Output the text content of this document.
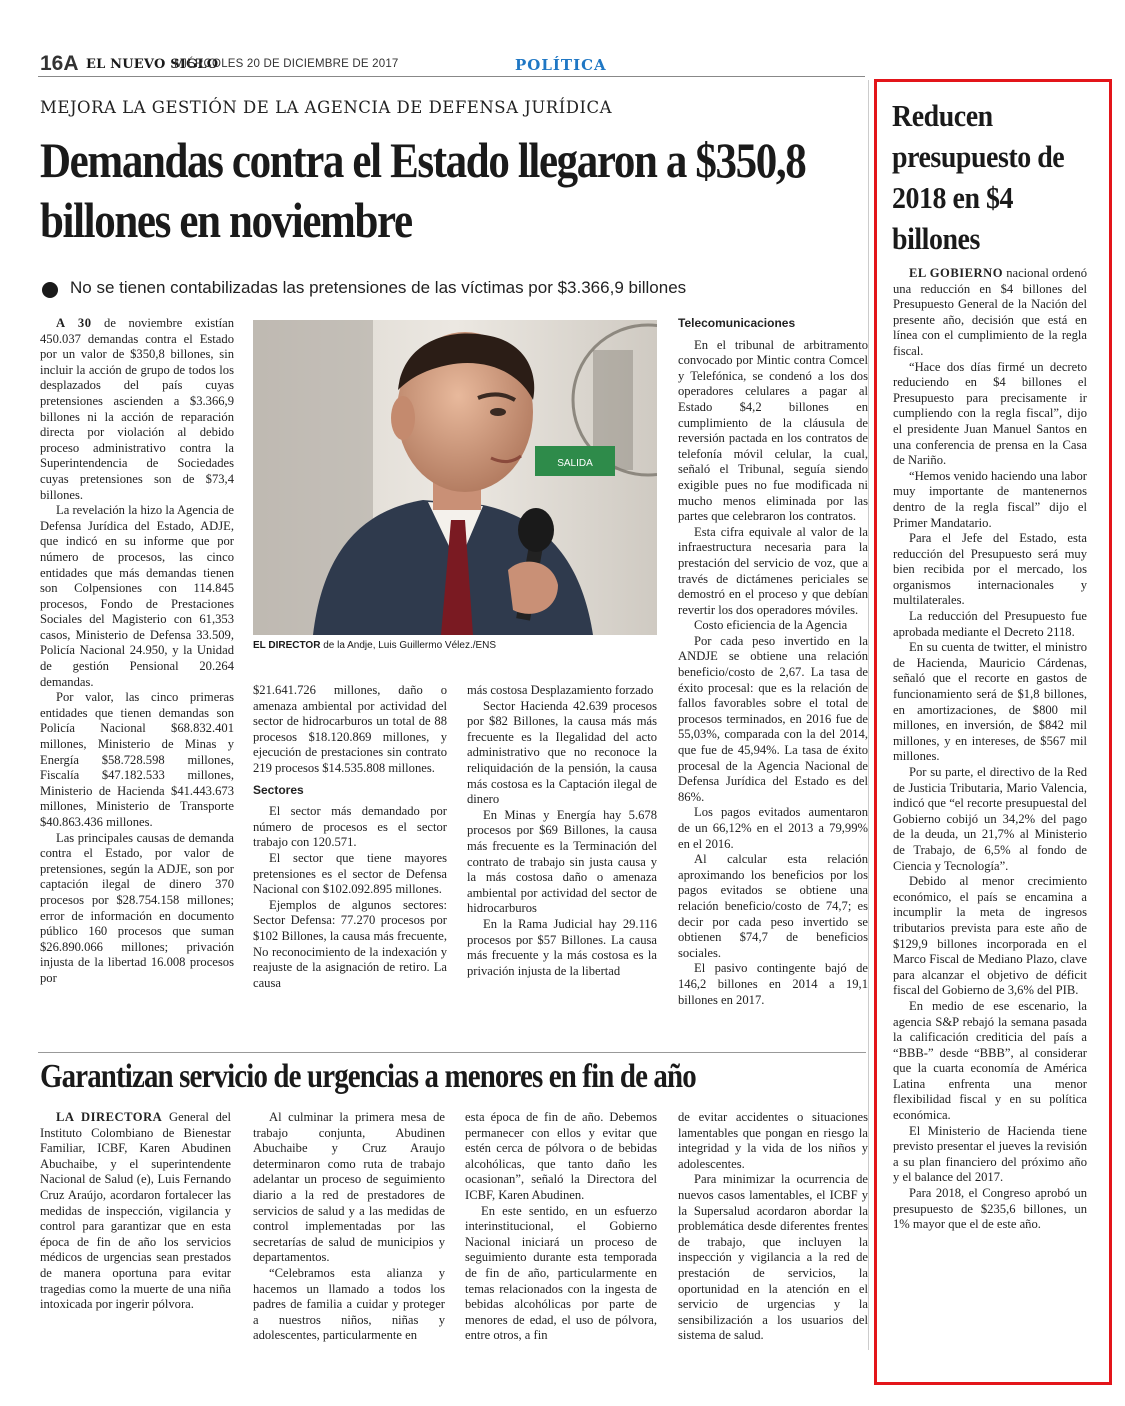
16A EL NUEVO SIGLO
MIÉRCOLES 20 DE DICIEMBRE DE 2017	POLÍTICA
MEJORA LA GESTIÓN DE LA AGENCIA DE DEFENSA JURÍDICA
Demandas contra el Estado llegaron a $350,8 billones en noviembre
No se tienen contabilizadas las pretensiones de las víctimas por $3.366,9 billones

A 30 de noviembre existían 450.037 demandas contra el Estado por un valor de $350,8 billones, sin incluir la acción de grupo de todos los desplazados del país cuyas pretensiones ascienden a $3.366,9 billones ni la acción de reparación directa por violación al debido proceso administrativo contra la Superintendencia de Sociedades cuyas pretensiones son de $73,4 billones.

La revelación la hizo la Agencia de Defensa Jurídica del Estado, ADJE, que indicó en su informe que por número de procesos, las cinco entidades que más demandas tienen son Colpensiones con 114.845 procesos, Fondo de Prestaciones Sociales del Magisterio con 61,353 casos, Ministerio de Defensa 33.509, Policía Nacional 24.950, y la Unidad de gestión Pensional 20.264 demandas.

Por valor, las cinco primeras entidades que tienen demandas son Policía Nacional $68.832.401 millones, Ministerio de Minas y Energía $58.728.598 millones, Fiscalía $47.182.533 millones, Ministerio de Hacienda $41.443.673 millones, Ministerio de Transporte $40.863.436 millones.

Las principales causas de demanda contra el Estado, por valor de pretensiones, según la ADJE, son por captación ilegal de dinero 370 procesos por $28.754.158 millones; error de información en documento público 160 procesos que suman $26.890.066 millones; privación injusta de la libertad 16.008 procesos por

SALIDA
EL DIRECTOR de la Andje, Luis Guillermo Vélez./ENS

$21.641.726 millones, daño o amenaza ambiental por actividad del sector de hidrocarburos un total de 88 procesos $18.120.869 millones, y ejecución de prestaciones sin contrato 219 procesos $14.535.808 millones.

Sectores

El sector más demandado por número de procesos es el sector trabajo con 120.571.

El sector que tiene mayores pretensiones es el sector de Defensa Nacional con $102.092.895 millones.

Ejemplos de algunos sectores: Sector Defensa: 77.270 procesos por $102 Billones, la causa más frecuente, No reconocimiento de la indexación y reajuste de la asignación de retiro. La causa

más costosa Desplazamiento forzado

Sector Hacienda 42.639 procesos por $82 Billones, la causa más más frecuente es la Ilegalidad del acto administrativo que no reconoce la reliquidación de la pensión, la causa más costosa es la Captación ilegal de dinero

En Minas y Energía hay 5.678 procesos por $69 Billones, la causa más frecuente es la Terminación del contrato de trabajo sin justa causa y la más costosa daño o amenaza ambiental por actividad del sector de hidrocarburos

En la Rama Judicial hay 29.116 procesos por $57 Billones. La causa más frecuente y la más costosa es la privación injusta de la libertad

Telecomunicaciones

En el tribunal de arbitramento convocado por Mintic contra Comcel y Telefónica, se condenó a los dos operadores celulares a pagar al Estado $4,2 billones en cumplimiento de la cláusula de reversión pactada en los contratos de telefonía móvil celular, la cual, señaló el Tribunal, seguía siendo exigible pues no fue modificada ni mucho menos eliminada por las partes que celebraron los contratos.

Esta cifra equivale al valor de la infraestructura necesaria para la prestación del servicio de voz, que a través de dictámenes periciales se demostró en el proceso y que debían revertir los dos operadores móviles.

Costo eficiencia de la Agencia

Por cada peso invertido en la ANDJE se obtiene una relación beneficio/costo de 2,67. La tasa de éxito procesal: que es la relación de fallos favorables sobre el total de procesos terminados, en 2016 fue de 55,03%, comparada con la del 2014, que fue de 45,94%. La tasa de éxito procesal de la Agencia Nacional de Defensa Jurídica del Estado es del 86%.

Los pagos evitados aumentaron de un 66,12% en el 2013 a 79,99% en el 2016.

Al calcular esta relación aproximando los beneficios por los pagos evitados se obtiene una relación beneficio/costo de 74,7; es decir por cada peso invertido se obtienen $74,7 de beneficios sociales.

El pasivo contingente bajó de 146,2 billones en 2014 a 19,1 billones en 2017.

Garantizan servicio de urgencias a menores en fin de año

LA DIRECTORA General del Instituto Colombiano de Bienestar Familiar, ICBF, Karen Abudinen Abuchaibe, y el superintendente Nacional de Salud (e), Luis Fernando Cruz Araújo, acordaron fortalecer las medidas de inspección, vigilancia y control para garantizar que en esta época de fin de año los servicios médicos de urgencias sean prestados de manera oportuna para evitar tragedias como la muerte de una niña intoxicada por ingerir pólvora.

Al culminar la primera mesa de trabajo conjunta, Abudinen Abuchaibe y Cruz Araujo determinaron como ruta de trabajo adelantar un proceso de seguimiento diario a la red de prestadores de servicios de salud y a las medidas de control implementadas por las secretarías de salud de municipios y departamentos.

“Celebramos esta alianza y hacemos un llamado a todos los padres de familia a cuidar y proteger a nuestros niños, niñas y adolescentes, particularmente en

esta época de fin de año. Debemos permanecer con ellos y evitar que estén cerca de pólvora o de bebidas alcohólicas, que tanto daño les ocasionan”, señaló la Directora del ICBF, Karen Abudinen.

En este sentido, en un esfuerzo interinstitucional, el Gobierno Nacional iniciará un proceso de seguimiento durante esta temporada de fin de año, particularmente en temas relacionados con la ingesta de bebidas alcohólicas por parte de menores de edad, el uso de pólvora, entre otros, a fin

de evitar accidentes o situaciones lamentables que pongan en riesgo la integridad y la vida de los niños y adolescentes.

Para minimizar la ocurrencia de nuevos casos lamentables, el ICBF y la Supersalud acordaron abordar la problemática desde diferentes frentes de trabajo, que incluyen la inspección y vigilancia a la red de prestación de servicios, la oportunidad en la atención en el servicio de urgencias y la sensibilización a los usuarios del sistema de salud.

Reducen presupuesto de 2018 en $4 billones

EL GOBIERNO nacional ordenó una reducción en $4 billones del Presupuesto General de la Nación del presente año, decisión que está en línea con el cumplimiento de la regla fiscal.

“Hace dos días firmé un decreto reduciendo en $4 billones el Presupuesto para precisamente ir cumpliendo con la regla fiscal”, dijo el presidente Juan Manuel Santos en una conferencia de prensa en la Casa de Nariño.

“Hemos venido haciendo una labor muy importante de mantenernos dentro de la regla fiscal” dijo el Primer Mandatario.

Para el Jefe del Estado, esta reducción del Presupuesto será muy bien recibida por el mercado, los organismos internacionales y multilaterales.

La reducción del Presupuesto fue aprobada mediante el Decreto 2118.

En su cuenta de twitter, el ministro de Hacienda, Mauricio Cárdenas, señaló que el recorte en gastos de funcionamiento será de $1,8 billones, en amortizaciones, de $800 mil millones, en inversión, de $842 mil millones, y en intereses, de $567 mil millones.

Por su parte, el directivo de la Red de Justicia Tributaria, Mario Valencia, indicó que “el recorte presupuestal del Gobierno cobijó un 34,2% del pago de la deuda, un 21,7% al Ministerio de Trabajo, de 6,5% al fondo de Ciencia y Tecnología”.

Debido al menor crecimiento económico, el país se encamina a incumplir la meta de ingresos tributarios prevista para este año de $129,9 billones incorporada en el Marco Fiscal de Mediano Plazo, clave para alcanzar el objetivo de déficit fiscal del Gobierno de 3,6% del PIB.

En medio de ese escenario, la agencia S&P rebajó la semana pasada la calificación crediticia del país a “BBB-” desde “BBB”, al considerar que la cuarta economía de América Latina enfrenta una menor flexibilidad fiscal y en su política económica.

El Ministerio de Hacienda tiene previsto presentar el jueves la revisión a su plan financiero del próximo año y el balance del 2017.

Para 2018, el Congreso aprobó un presupuesto de $235,6 billones, un 1% mayor que el de este año.
